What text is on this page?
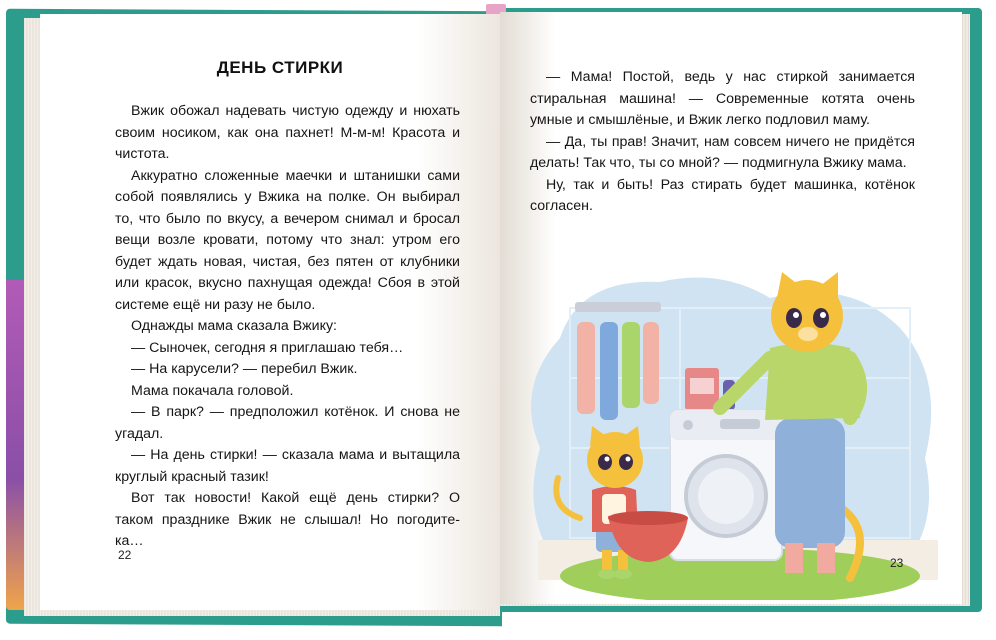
ДЕНЬ СТИРКИ

Вжик обожал надевать чистую одежду и нюхать своим носиком, как она пахнет! М-м-м! Красота и чистота.

Аккуратно сложенные маечки и штанишки сами собой появлялись у Вжика на полке. Он выбирал то, что было по вкусу, а вечером снимал и бросал вещи возле кровати, потому что знал: утром его будет ждать новая, чистая, без пятен от клубники или красок, вкусно пахнущая одежда! Сбоя в этой системе ещё ни разу не было.

Однажды мама сказала Вжику:

— Сыночек, сегодня я приглашаю тебя…

— На карусели? — перебил Вжик.

Мама покачала головой.

— В парк? — предположил котёнок. И снова не угадал.

— На день стирки! — сказала мама и вытащила круглый красный тазик!

Вот так новости! Какой ещё день стирки? О таком празднике Вжик не слышал! Но погодите-ка…

22

— Мама! Постой, ведь у нас стиркой занимается стиральная машина! — Современные котята очень умные и смышлёные, и Вжик легко подловил маму.

— Да, ты прав! Значит, нам совсем ничего не придётся делать! Так что, ты со мной? — подмигнула Вжику мама.

Ну, так и быть! Раз стирать будет машинка, котёнок согласен.

23
